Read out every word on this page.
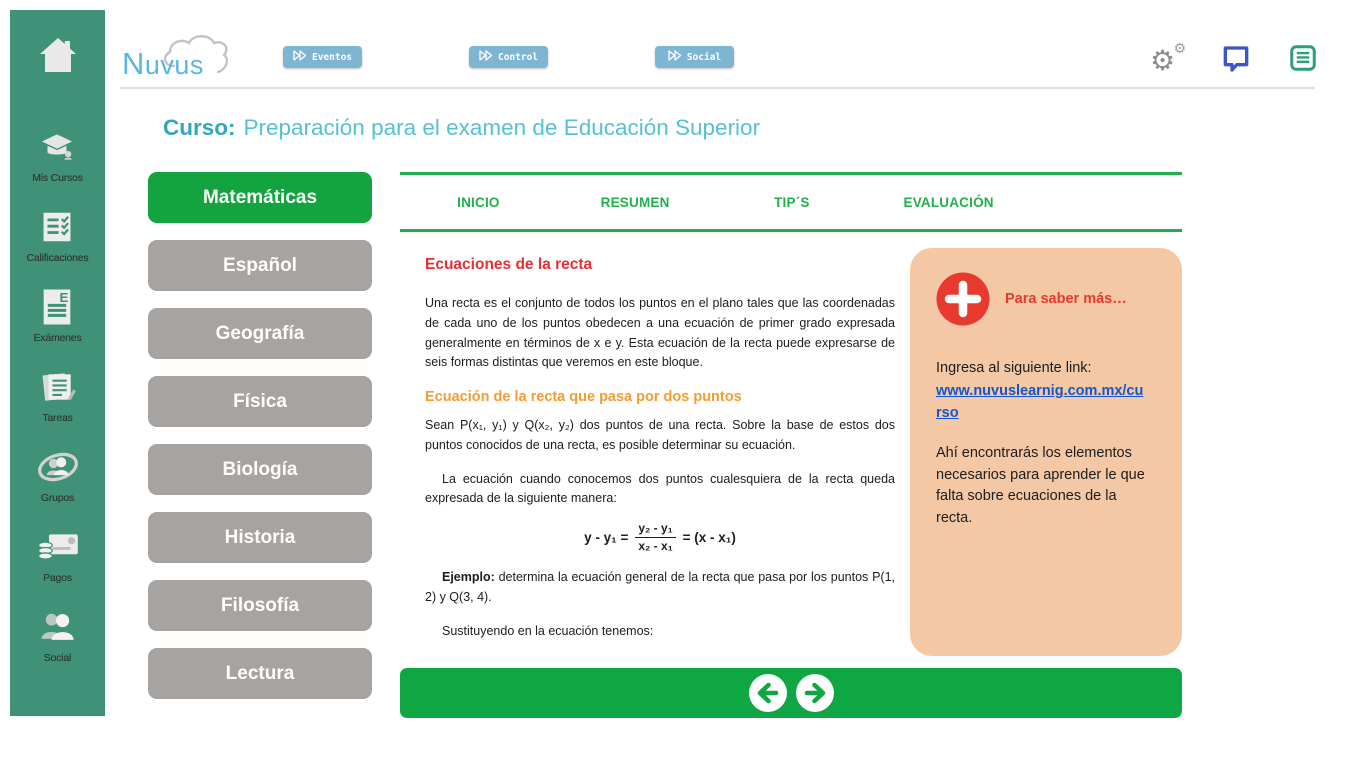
Mis Cursos
Calificaciones
E
Exámenes
Tareas
Grupos
Pagos
Social
Nuvus	Eventos	Control	Social	⚙
⚙
Curso: Preparación para el examen de Educación Superior
Matemáticas
Español
Geografía
Física
Biología
Historia
Filosofía
Lectura
INICIO	RESUMEN	TIP´S	EVALUACIÓN
Ecuaciones de la recta

Una recta es el conjunto de todos los puntos en el plano tales que las coordenadas de cada uno de los puntos obedecen a una ecuación de primer grado expresada generalmente en términos de x e y. Esta ecuación de la recta puede expresarse de seis formas distintas que veremos en este bloque.

Ecuación de la recta que pasa por dos puntos

Sean P(x₁, y₁) y Q(x₂, y₂) dos puntos de una recta. Sobre la base de estos dos puntos conocidos de una recta, es posible determinar su ecuación.

La ecuación cuando conocemos dos puntos cualesquiera de la recta queda expresada de la siguiente manera:

$y - y_1 = \frac{\text{y₂ - y₁}}{\text{x₂ - x₁}} = (x - x_1)$

Ejemplo: determina la ecuación general de la recta que pasa por los puntos P(1, 2) y Q(3, 4).

Sustituyendo en la ecuación tenemos:

Para saber más…
Ingresa al siguiente link:
www.nuvuslearnig.com.mx/curso
Ahí encontrarás los elementos necesarios para aprender le que falta sobre ecuaciones de la recta.
